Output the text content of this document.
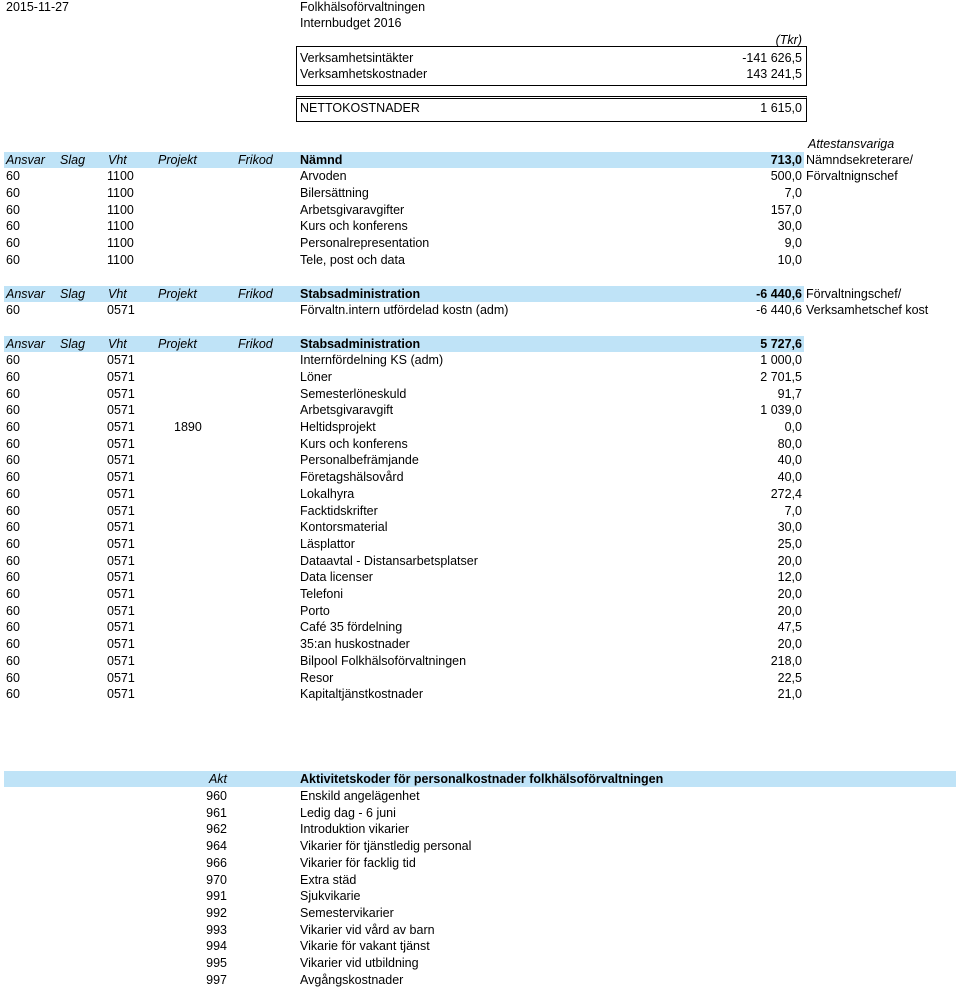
2015-11-27	Folkhälsoförvaltningen
Internbudget 2016
(Tkr)
Verksamhetsintäkter	-141 626,5
Verksamhetskostnader	143 241,5
NETTOKOSTNADER	1 615,0
Attestansvariga
Ansvar Slag Vht Projekt	Frikod Nämnd	713,0 Nämndsekreterare/
60	1100	Arvoden	500,0 Förvaltnignschef
60	1100	Bilersättning	7,0
60	1100	Arbetsgivaravgifter	157,0
60	1100	Kurs och konferens	30,0
60	1100	Personalrepresentation	9,0
60	1100	Tele, post och data	10,0
Ansvar Slag Vht Projekt	Frikod Stabsadministration	-6 440,6 Förvaltningschef/
60	0571	Förvaltn.intern utfördelad kostn (adm)	-6 440,6 Verksamhetschef kost
Ansvar Slag Vht Projekt	Frikod Stabsadministration	5 727,6
60	0571	Internfördelning KS (adm)	1 000,0
60	0571	Löner	2 701,5
60	0571	Semesterlöneskuld	91,7
60	0571	Arbetsgivaravgift	1 039,0
60	0571	1890	Heltidsprojekt	0,0
60	0571	Kurs och konferens	80,0
60	0571	Personalbefrämjande	40,0
60	0571	Företagshälsovård	40,0
60	0571	Lokalhyra	272,4
60	0571	Facktidskrifter	7,0
60	0571	Kontorsmaterial	30,0
60	0571	Läsplattor	25,0
60	0571	Dataavtal - Distansarbetsplatser	20,0
60	0571	Data licenser	12,0
60	0571	Telefoni	20,0
60	0571	Porto	20,0
60	0571	Café 35 fördelning	47,5
60	0571	35:an huskostnader	20,0
60	0571	Bilpool Folkhälsoförvaltningen	218,0
60	0571	Resor	22,5
60	0571	Kapitaltjänstkostnader	21,0
Akt	Aktivitetskoder för personalkostnader folkhälsoförvaltningen
960	Enskild angelägenhet
961	Ledig dag - 6 juni
962	Introduktion vikarier
964	Vikarier för tjänstledig personal
966	Vikarier för facklig tid
970	Extra städ
991	Sjukvikarie
992	Semestervikarier
993	Vikarier vid vård av barn
994	Vikarie för vakant tjänst
995	Vikarier vid utbildning
997	Avgångskostnader
